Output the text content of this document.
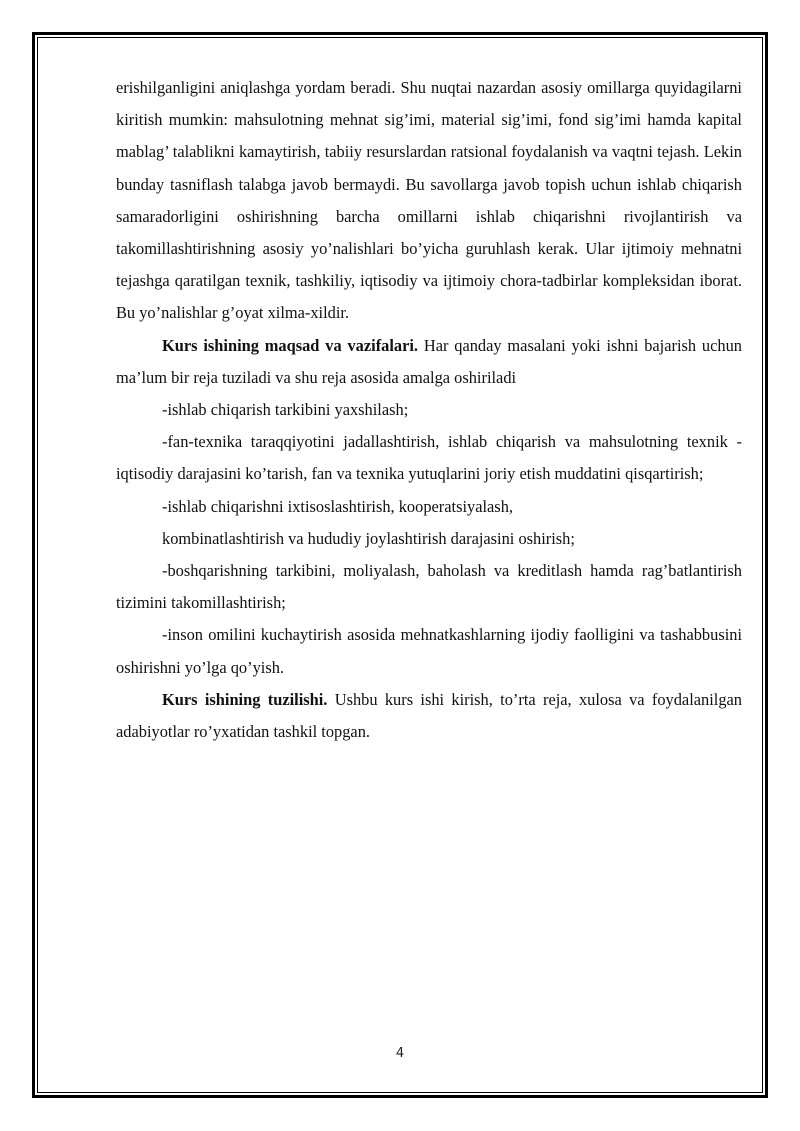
erishilganligini aniqlashga yordam beradi. Shu nuqtai nazardan asosiy omillarga quyidagilarni kiritish mumkin: mahsulotning mehnat sig’imi, material sig’imi, fond sig’imi hamda kapital mablag’ talablikni kamaytirish, tabiiy resurslardan ratsional foydalanish va vaqtni tejash. Lekin bunday tasniflash talabga javob bermaydi. Bu savollarga javob topish uchun ishlab chiqarish samaradorligini oshirishning barcha omillarni ishlab chiqarishni rivojlantirish va takomillashtirishning asosiy yo’nalishlari bo’yicha guruhlash kerak. Ular ijtimoiy mehnatni tejashga qaratilgan texnik, tashkiliy, iqtisodiy va ijtimoiy chora-tadbirlar kompleksidan iborat. Bu yo’nalishlar g’oyat xilma-xildir.

Kurs ishining maqsad va vazifalari. Har qanday masalani yoki ishni bajarish uchun ma’lum bir reja tuziladi va shu reja asosida amalga oshiriladi

-ishlab chiqarish tarkibini yaxshilash;

-fan-texnika taraqqiyotini jadallashtirish, ishlab chiqarish va mahsulotning texnik - iqtisodiy darajasini ko’tarish, fan va texnika yutuqlarini joriy etish muddatini qisqartirish;

-ishlab chiqarishni ixtisoslashtirish, kooperatsiyalash,

kombinatlashtirish va hududiy joylashtirish darajasini oshirish;

-boshqarishning tarkibini, moliyalash, baholash va kreditlash hamda rag’batlantirish tizimini takomillashtirish;

-inson omilini kuchaytirish asosida mehnatkashlarning ijodiy faolligini va tashabbusini oshirishni yo’lga qo’yish.

Kurs ishining tuzilishi. Ushbu kurs ishi kirish, to’rta reja, xulosa va foydalanilgan adabiyotlar ro’yxatidan tashkil topgan.

4
